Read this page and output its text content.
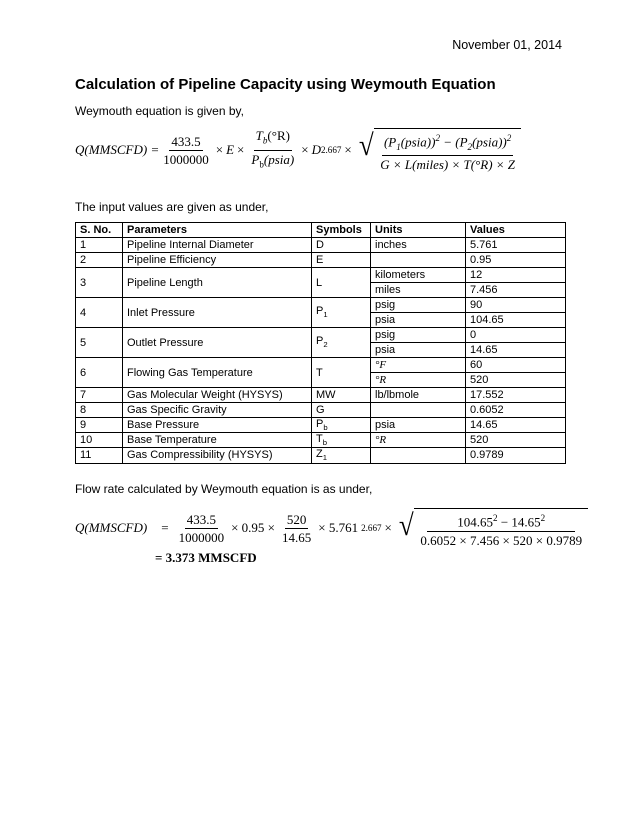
November 01, 2014
Calculation of Pipeline Capacity using Weymouth Equation
Weymouth equation is given by,
Q(MMSCFD) = $\frac{433.5}{1000000} \times E \times \frac{T_b(^\circ R)}{P_b(psia)} \times D$ 2.667 × √ $\frac{(P_1(psia))^2 - (P_2(psia))^2}{\text{G × L(miles) × T(°R) × Z}}$
The input values are given as under,
S. No.	Parameters	Symbols	Units	Values
1	Pipeline Internal Diameter	D	inches	5.761
2	Pipeline Efficiency	E		0.95
3	Pipeline Length	L	kilometers	12
			miles	7.456
4	Inlet Pressure	$P_1$	psig	90
			psia	104.65
5	Outlet Pressure	$P_2$	psig	0
			psia	14.65
6	Flowing Gas Temperature	T	°F	60
			°R	520
7	Gas Molecular Weight (HYSYS)	MW	lb/lbmole	17.552
8	Gas Specific Gravity	G		0.6052
9	Base Pressure	$P_b$	psia	14.65
10	Base Temperature	$T_b$	°R	520
11	Gas Compressibility (HYSYS)	$Z_1$		0.9789
Flow rate calculated by Weymouth equation is as under,
Q(MMSCFD) = $\frac{433.5}{1000000} \times 0.95 \times \frac{520}{14.65} \times 5.761$ 2.667 × √ $\frac{104.65^2 - 14.65^2}{0.6052 \times 7.456 \times 520 \times 0.9789}$
= 3.373 MMSCFD
